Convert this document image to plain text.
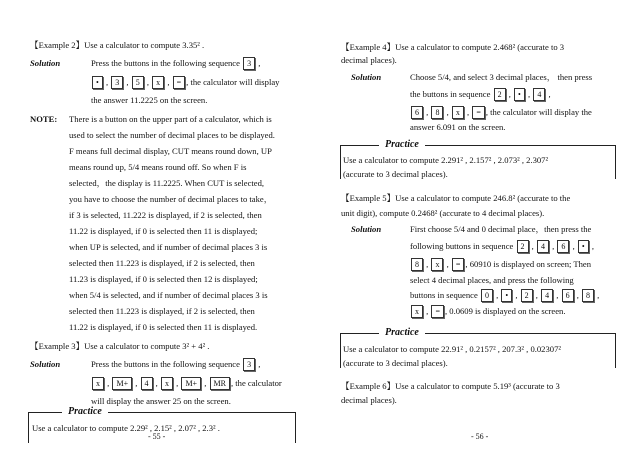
【Example 2】Use a calculator to compute 3.35² .

Solution	Press the buttons in the following sequence 3 ,

• , 3 , 5 , x , = , the calculator will display

the answer 11.2225 on the screen.

NOTE: There is a button on the upper part of a calculator, which is

used to select the number of decimal places to be displayed.

F means full decimal display, CUT means round down, UP

means round up, 5/4 means round off. So when F is

selected，the display is 11.2225. When CUT is selected,

you have to choose the number of decimal places to take，

if 3 is selected, 11.222 is displayed, if 2 is selected, then

11.22 is displayed, if 0 is selected then 11 is displayed;

when UP is selected, and if number of decimal places 3 is

selected then 11.223 is displayed, if 2 is selected, then

11.23 is displayed, if 0 is selected then 12 is displayed;

when 5/4 is selected, and if number of decimal places 3 is

selected then 11.223 is displayed, if 2 is selected, then

11.22 is displayed, if 0 is selected then 11 is displayed.

【Example 3】Use a calculator to compute 3² + 4² .

Solution	Press the buttons in the following sequence 3 ,

x , M+ , 4 , x , M+ , MR , the calculator

will display the answer 25 on the screen.

Practice

Use a calculator to compute 2.29² , 2.15² , 2.07² , 2.3² .

- 55 -

【Example 4】Use a calculator to compute 2.468² (accurate to 3

decimal places).

Solution	Choose 5/4, and select 3 decimal places， then press

the buttons in sequence 2 , • , 4 ,

6 , 8 , x , = , the calculator will display the

answer 6.091 on the screen.

Practice

Use a calculator to compute 2.291² , 2.157² , 2.073² , 2.307²

(accurate to 3 decimal places).

【Example 5】Use a calculator to compute 246.8² (accurate to the

unit digit), compute 0.2468² (accurate to 4 decimal places).

Solution	First choose 5/4 and 0 decimal place，then press the

following buttons in sequence 2 , 4 , 6 , • ,

8 , x , = , 60910 is displayed on screen; Then

select 4 decimal places, and press the following

buttons in sequence 0 , • , 2 , 4 , 6 , 8 ,

x , = , 0.0609 is displayed on the screen.

Practice

Use a calculator to compute 22.91² , 0.2157² , 207.3² , 0.02307²

(accurate to 3 decimal places).

【Example 6】Use a calculator to compute 5.19³ (accurate to 3

decimal places).

- 56 -
